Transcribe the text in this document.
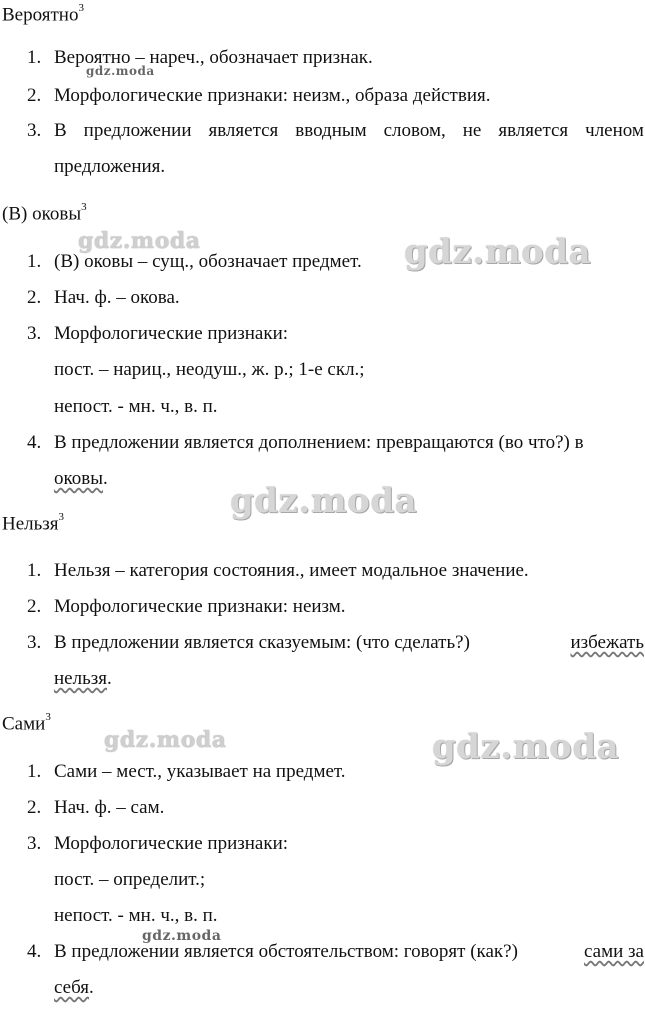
Вероятно$^3$
1. Вероятно – нареч., обозначает признак.
2. Морфологические признаки: неизм., образа действия.
3. В предложении является вводным словом, не является членом
предложения.
(В) оковы$^3$
1. (В) оковы – сущ., обозначает предмет.
2. Нач. ф. – окова.
3. Морфологические признаки:
пост. – нариц., неодуш., ж. р.; 1-е скл.;
непост. - мн. ч., в. п.
4. В предложении является дополнением: превращаются (во что?) в
оковы.
Нельзя$^3$
1. Нельзя – категория состояния., имеет модальное значение.
2. Морфологические признаки: неизм.
3. В предложении является сказуемым: (что сделать?)	избежать
нельзя.
Сами$^3$
1. Сами – мест., указывает на предмет.
2. Нач. ф. – сам.
3. Морфологические признаки:
пост. – определит.;
непост. - мн. ч., в. п.
4. В предложении является обстоятельством: говорят (как?)	сами за
себя.
gdz.moda
gdz.moda	gdz.moda
gdz.moda
gdz.moda	gdz.moda
gdz.moda
